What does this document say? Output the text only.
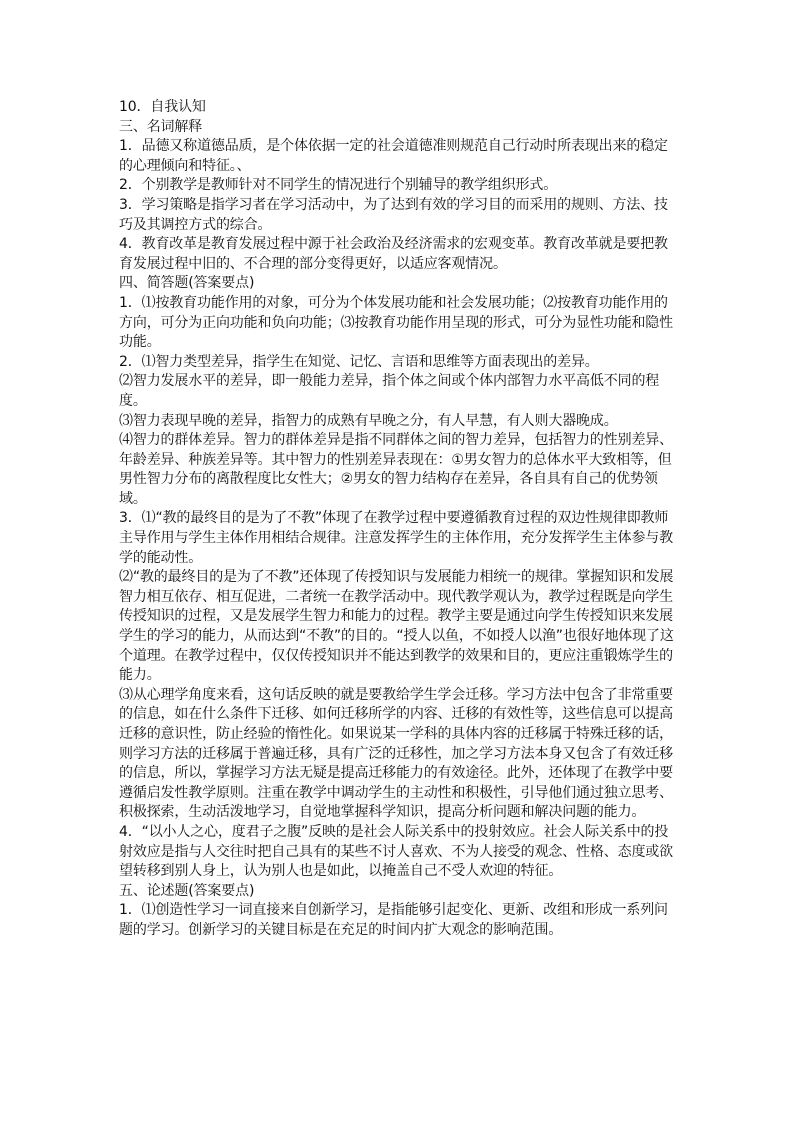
10．自我认知

三、名词解释

1．品德又称道德品质，是个体依据一定的社会道德准则规范自己行动时所表现出来的稳定的心理倾向和特征。、

2．个别教学是教师针对不同学生的情况进行个别辅导的教学组织形式。

3．学习策略是指学习者在学习活动中，为了达到有效的学习目的而采用的规则、方法、技巧及其调控方式的综合。

4．教育改革是教育发展过程中源于社会政治及经济需求的宏观变革。教育改革就是要把教育发展过程中旧的、不合理的部分变得更好，以适应客观情况。

四、简答题(答案要点)

1．⑴按教育功能作用的对象，可分为个体发展功能和社会发展功能；⑵按教育功能作用的方向，可分为正向功能和负向功能；⑶按教育功能作用呈现的形式，可分为显性功能和隐性功能。

2．⑴智力类型差异，指学生在知觉、记忆、言语和思维等方面表现出的差异。

⑵智力发展水平的差异，即一般能力差异，指个体之间或个体内部智力水平高低不同的程度。

⑶智力表现早晚的差异，指智力的成熟有早晚之分，有人早慧，有人则大器晚成。

⑷智力的群体差异。智力的群体差异是指不同群体之间的智力差异，包括智力的性别差异、年龄差异、种族差异等。其中智力的性别差异表现在：①男女智力的总体水平大致相等，但男性智力分布的离散程度比女性大；②男女的智力结构存在差异，各自具有自己的优势领域。

3．⑴“教的最终目的是为了不教”体现了在教学过程中要遵循教育过程的双边性规律即教师主导作用与学生主体作用相结合规律。注意发挥学生的主体作用，充分发挥学生主体参与教学的能动性。

⑵“教的最终目的是为了不教”还体现了传授知识与发展能力相统一的规律。掌握知识和发展智力相互依存、相互促进，二者统一在教学活动中。现代教学观认为，教学过程既是向学生传授知识的过程，又是发展学生智力和能力的过程。教学主要是通过向学生传授知识来发展学生的学习的能力，从而达到“不教”的目的。“授人以鱼，不如授人以渔”也很好地体现了这个道理。在教学过程中，仅仅传授知识并不能达到教学的效果和目的，更应注重锻炼学生的能力。

⑶从心理学角度来看，这句话反映的就是要教给学生学会迁移。学习方法中包含了非常重要的信息，如在什么条件下迁移、如何迁移所学的内容、迁移的有效性等，这些信息可以提高迁移的意识性，防止经验的惰性化。如果说某一学科的具体内容的迁移属于特殊迁移的话，则学习方法的迁移属于普遍迁移，具有广泛的迁移性，加之学习方法本身又包含了有效迁移的信息，所以，掌握学习方法无疑是提高迁移能力的有效途径。此外，还体现了在教学中要遵循启发性教学原则。注重在教学中调动学生的主动性和积极性，引导他们通过独立思考、积极探索，生动活泼地学习，自觉地掌握科学知识，提高分析问题和解决问题的能力。

4．“以小人之心，度君子之腹”反映的是社会人际关系中的投射效应。社会人际关系中的投射效应是指与人交往时把自己具有的某些不讨人喜欢、不为人接受的观念、性格、态度或欲望转移到别人身上，认为别人也是如此，以掩盖自己不受人欢迎的特征。

五、论述题(答案要点)

1．⑴创造性学习一词直接来自创新学习，是指能够引起变化、更新、改组和形成一系列问题的学习。创新学习的关键目标是在充足的时间内扩大观念的影响范围。
